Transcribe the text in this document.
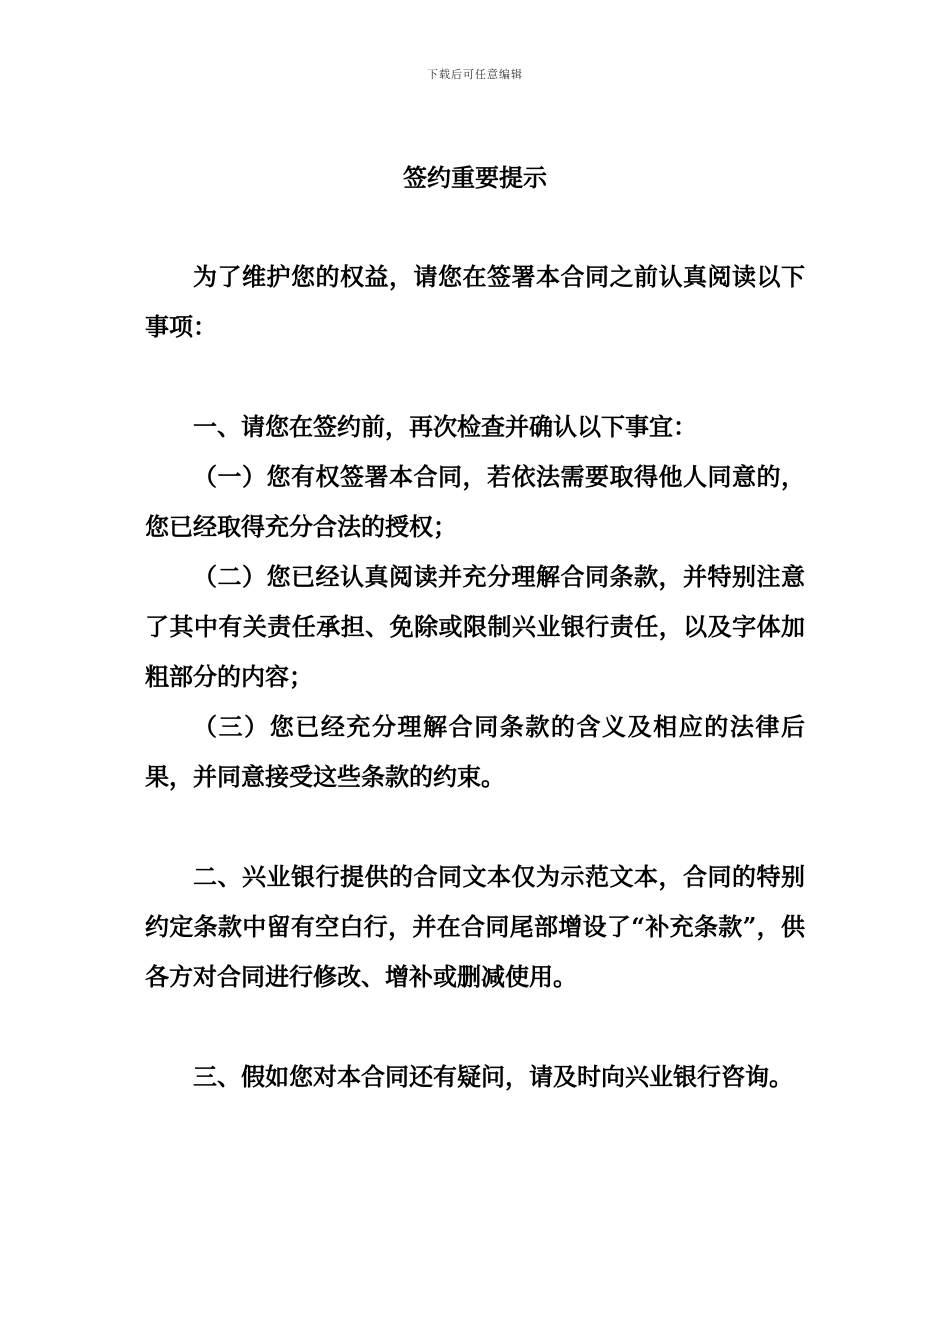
下载后可任意编辑
签约重要提示

为了维护您的权益，请您在签署本合同之前认真阅读以下事项：

一、请您在签约前，再次检查并确认以下事宜：

（一）您有权签署本合同，若依法需要取得他人同意的，您已经取得充分合法的授权；

（二）您已经认真阅读并充分理解合同条款，并特别注意了其中有关责任承担、免除或限制兴业银行责任，以及字体加粗部分的内容；

（三）您已经充分理解合同条款的含义及相应的法律后果，并同意接受这些条款的约束。

二、兴业银行提供的合同文本仅为示范文本，合同的特别约定条款中留有空白行，并在合同尾部增设了“补充条款”，供各方对合同进行修改、增补或删减使用。

三、假如您对本合同还有疑问，请及时向兴业银行咨询。
